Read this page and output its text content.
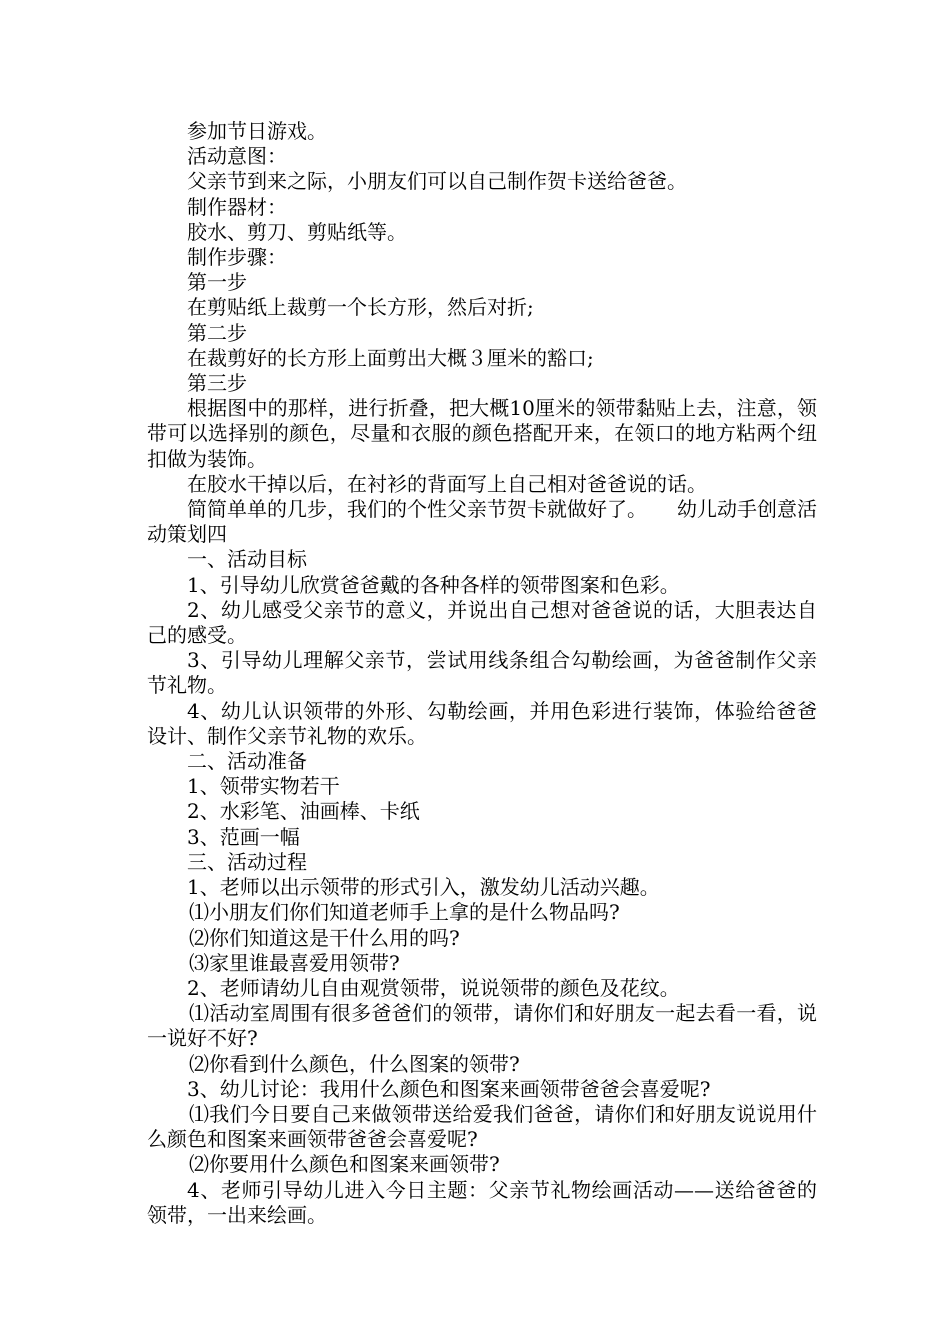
参加节日游戏。

活动意图：

父亲节到来之际，小朋友们可以自己制作贺卡送给爸爸。

制作器材：

胶水、剪刀、剪贴纸等。

制作步骤：

第一步

在剪贴纸上裁剪一个长方形，然后对折;

第二步

在裁剪好的长方形上面剪出大概３厘米的豁口;

第三步

根据图中的那样，进行折叠，把大概10厘米的领带黏贴上去，注意，领带可以选择别的颜色，尽量和衣服的颜色搭配开来，在领口的地方粘两个纽扣做为装饰。

在胶水干掉以后，在衬衫的背面写上自己相对爸爸说的话。

简简单单的几步，我们的个性父亲节贺卡就做好了。　　幼儿动手创意活动策划四

一、活动目标

1、引导幼儿欣赏爸爸戴的各种各样的领带图案和色彩。

2、幼儿感受父亲节的意义，并说出自己想对爸爸说的话，大胆表达自己的感受。

3、引导幼儿理解父亲节，尝试用线条组合勾勒绘画，为爸爸制作父亲节礼物。

4、幼儿认识领带的外形、勾勒绘画，并用色彩进行装饰，体验给爸爸设计、制作父亲节礼物的欢乐。

二、活动准备

1、领带实物若干

2、水彩笔、油画棒、卡纸

3、范画一幅

三、活动过程

1、老师以出示领带的形式引入，激发幼儿活动兴趣。

⑴小朋友们你们知道老师手上拿的是什么物品吗?

⑵你们知道这是干什么用的吗?

⑶家里谁最喜爱用领带?

2、老师请幼儿自由观赏领带，说说领带的颜色及花纹。

⑴活动室周围有很多爸爸们的领带，请你们和好朋友一起去看一看，说一说好不好?

⑵你看到什么颜色，什么图案的领带?

3、幼儿讨论：我用什么颜色和图案来画领带爸爸会喜爱呢?

⑴我们今日要自己来做领带送给爱我们爸爸，请你们和好朋友说说用什么颜色和图案来画领带爸爸会喜爱呢?

⑵你要用什么颜色和图案来画领带?

4、老师引导幼儿进入今日主题：父亲节礼物绘画活动——送给爸爸的领带，一出来绘画。
